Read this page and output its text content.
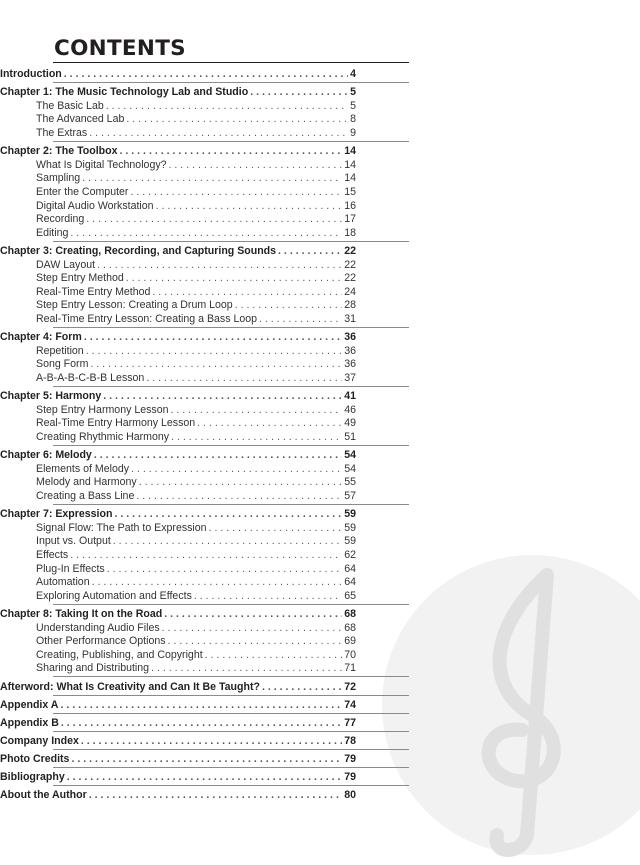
CONTENTS
Introduction . . .	4
Chapter 1: The Music Technology Lab and Studio . . .	5
The Basic Lab . . .	5
The Advanced Lab . . .	8
The Extras . . .	9
Chapter 2: The Toolbox . . .	14
What Is Digital Technology? . . .	14
Sampling . . .	14
Enter the Computer . . .	15
Digital Audio Workstation . . .	16
Recording . . .	17
Editing . . .	18
Chapter 3: Creating, Recording, and Capturing Sounds . . .	22
DAW Layout . . .	22
Step Entry Method . . .	22
Real-Time Entry Method . . .	24
Step Entry Lesson: Creating a Drum Loop . . .	28
Real-Time Entry Lesson: Creating a Bass Loop . . .	31
Chapter 4: Form . . .	36
Repetition . . .	36
Song Form . . .	36
A-B-A-B-C-B-B Lesson . . .	37
Chapter 5: Harmony . . .	41
Step Entry Harmony Lesson . . .	46
Real-Time Entry Harmony Lesson . . .	49
Creating Rhythmic Harmony . . .	51
Chapter 6: Melody . . .	54
Elements of Melody . . .	54
Melody and Harmony . . .	55
Creating a Bass Line . . .	57
Chapter 7: Expression . . .	59
Signal Flow: The Path to Expression . . .	59
Input vs. Output . . .	59
Effects . . .	62
Plug-In Effects . . .	64
Automation . . .	64
Exploring Automation and Effects . . .	65
Chapter 8: Taking It on the Road . . .	68
Understanding Audio Files . . .	68
Other Performance Options . . .	69
Creating, Publishing, and Copyright . . .	70
Sharing and Distributing . . .	71
Afterword: What Is Creativity and Can It Be Taught? . . .	72
Appendix A . . .	74
Appendix B . . .	77
Company Index . . .	78
Photo Credits . . .	79
Bibliography . . .	79
About the Author . . .	80
